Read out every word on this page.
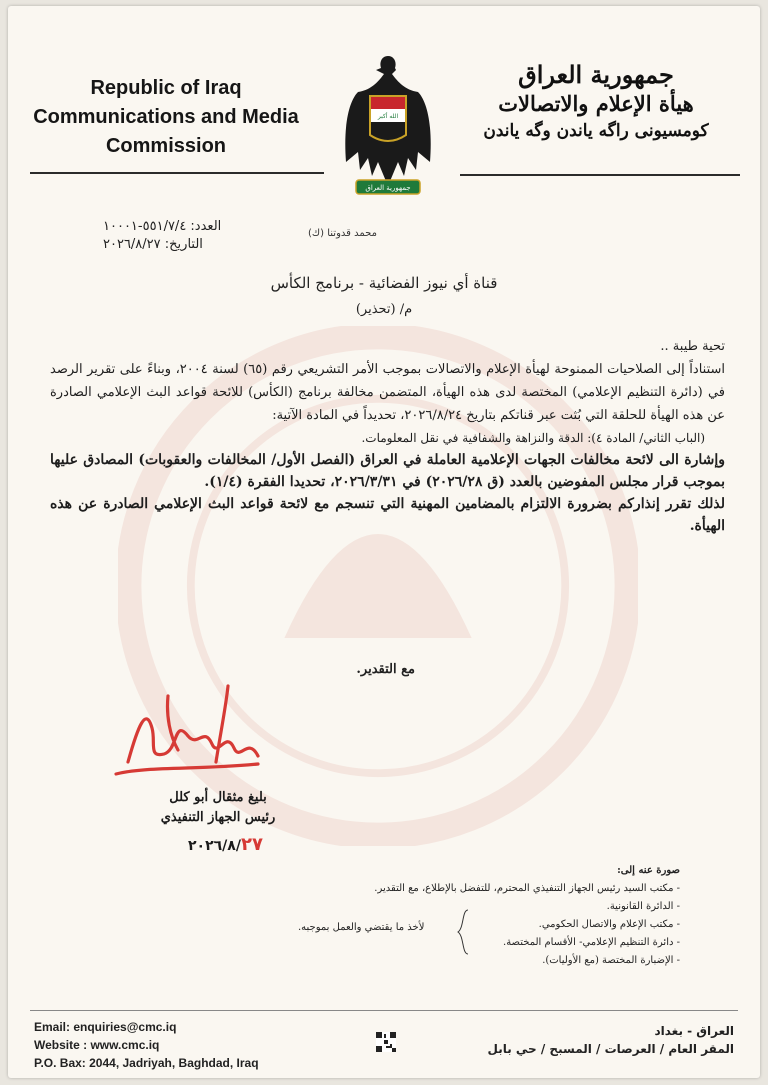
Republic of Iraq
Communications and Media
Commission
الله أكبر
جمهورية العراق
جمهورية العراق
هيأة الإعلام والاتصالات
كومسيونى راگه ياندن وگه ياندن
العدد: ٥٥١/٧/٤-١٠٠٠١
التاريخ: ٢٠٢٦/٨/٢٧
محمد قدوتنا (ك)
قناة أي نيوز الفضائية - برنامج الكأس
م/ (تحذير)
تحية طيبة ..
استناداً إلى الصلاحيات الممنوحة لهيأة الإعلام والاتصالات بموجب الأمر التشريعي رقم (٦٥) لسنة ٢٠٠٤، وبناءً على تقرير الرصد في (دائرة التنظيم الإعلامي) المختصة لدى هذه الهيأة، المتضمن مخالفة برنامج (الكأس) للائحة قواعد البث الإعلامي الصادرة عن هذه الهيأة للحلقة التي بُثت عبر قناتكم بتاريخ ٢٠٢٦/٨/٢٤، تحديداً في المادة الآتية:
(الباب الثاني/ المادة ٤): الدقة والنزاهة والشفافية في نقل المعلومات.
وإشارة الى لائحة مخالفات الجهات الإعلامية العاملة في العراق (الفصل الأول/ المخالفات والعقوبات) المصادق عليها بموجب قرار مجلس المفوضين بالعدد (ق ٢٠٢٦/٢٨) في ٢٠٢٦/٣/٣١، تحديدا الفقرة (١/٤).
لذلك تقرر إنذاركم بضرورة الالتزام بالمضامين المهنية التي تنسجم مع لائحة قواعد البث الإعلامي الصادرة عن هذه الهيأة.
مع التقدير.
بليغ مثقال أبو كلل
رئيس الجهاز التنفيذي
٢٠٢٦/٨/٢٧
صورة عنه إلى:
- مكتب السيد رئيس الجهاز التنفيذي المحترم، للتفضل بالإطلاع، مع التقدير.
- الدائرة القانونية.
- مكتب الإعلام والاتصال الحكومي.
- دائرة التنظيم الإعلامي- الأقسام المختصة.
- الإضبارة المختصة (مع الأوليات).
لأخذ ما يقتضي والعمل بموجبه.
Email: enquiries@cmc.iq
Website : www.cmc.iq
P.O. Bax: 2044, Jadriyah, Baghdad, Iraq
العراق - بغداد
المقر العام / العرصات / المسبح / حي بابل
